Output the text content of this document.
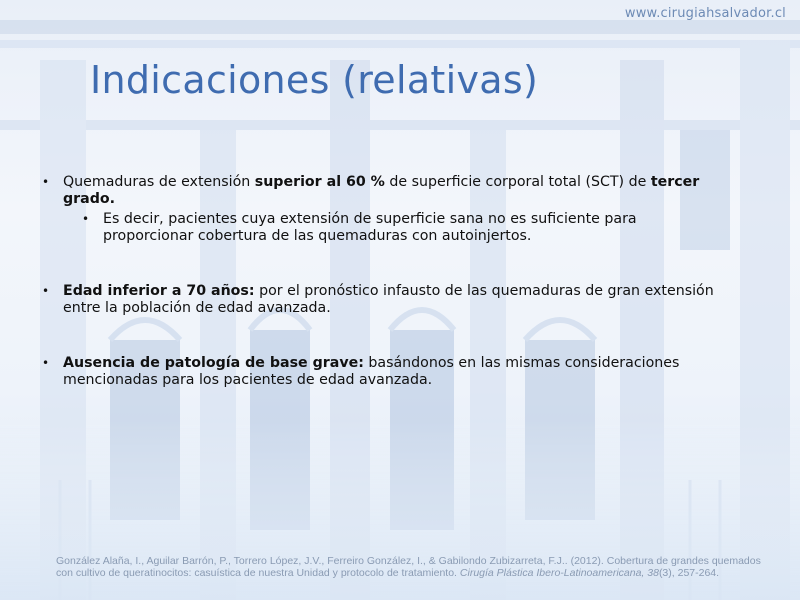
www.cirugiahsalvador.cl
Indicaciones (relativas)
• Quemaduras de extensión superior al 60 % de superficie corporal total (SCT) de tercer grado.
• Es decir, pacientes cuya extensión de superficie sana no es suficiente para proporcionar cobertura de las quemaduras con autoinjertos.
• Edad inferior a 70 años: por el pronóstico infausto de las quemaduras de gran extensión entre la población de edad avanzada.
• Ausencia de patología de base grave: basándonos en las mismas consideraciones mencionadas para los pacientes de edad avanzada.
González Alaña, I., Aguilar Barrón, P., Torrero López, J.V., Ferreiro González, I., & Gabilondo Zubizarreta, F.J.. (2012). Cobertura de grandes quemados con cultivo de queratinocitos: casuística de nuestra Unidad y protocolo de tratamiento. Cirugía Plástica Ibero-Latinoamericana, 38(3), 257-264.
